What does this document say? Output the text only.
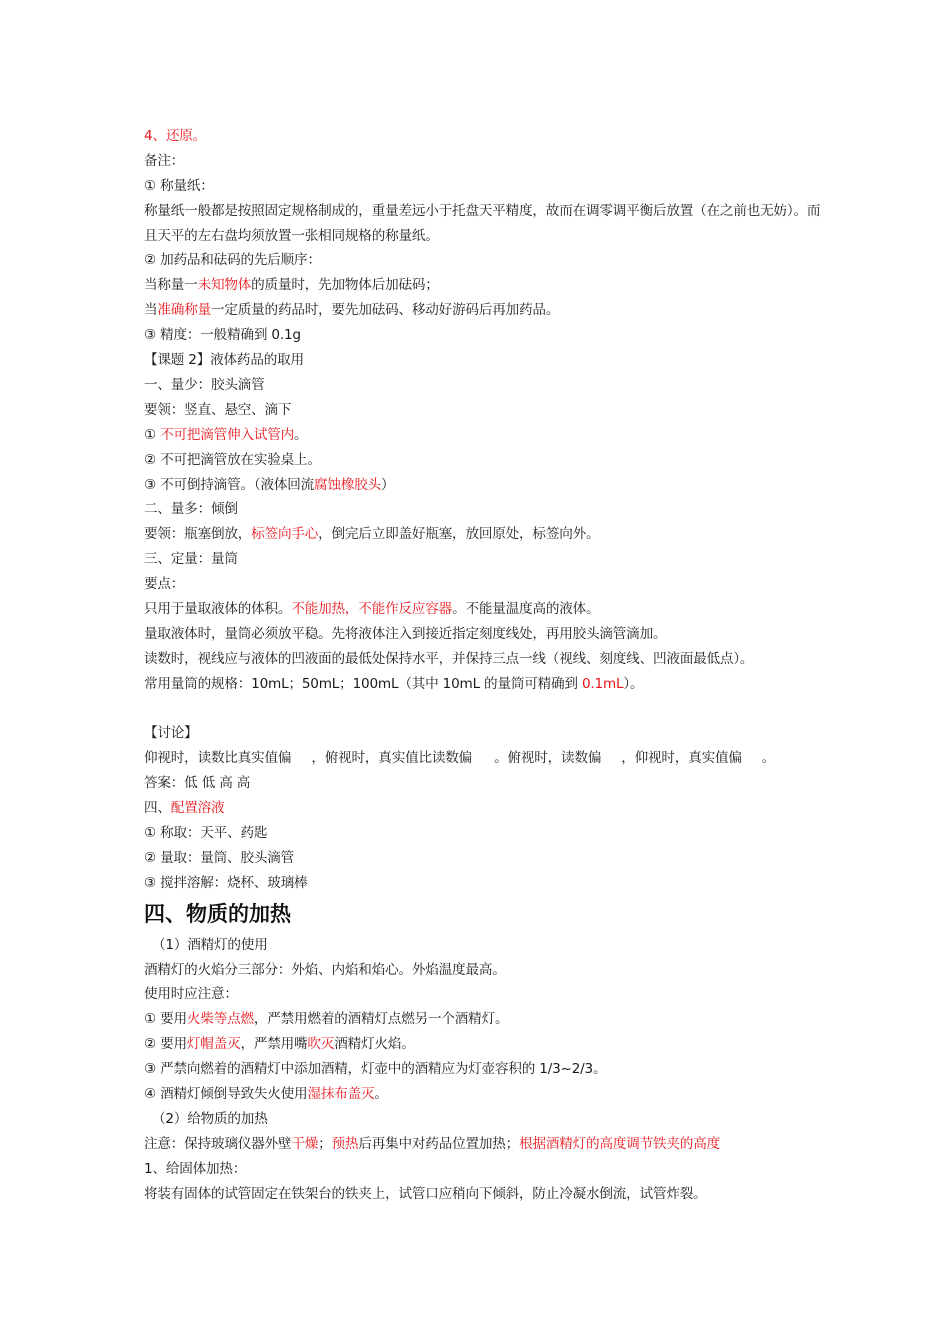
4、还原。
备注：
① 称量纸：
称量纸一般都是按照固定规格制成的，重量差远小于托盘天平精度，故而在调零调平衡后放置（在之前也无妨）。而且天平的左右盘均须放置一张相同规格的称量纸。
② 加药品和砝码的先后顺序：
当称量一未知物体的质量时，先加物体后加砝码；
当准确称量一定质量的药品时，要先加砝码、移动好游码后再加药品。
③ 精度：一般精确到 0.1g
【课题 2】液体药品的取用
一、量少：胶头滴管
要领：竖直、悬空、滴下
① 不可把滴管伸入试管内。
② 不可把滴管放在实验桌上。
③ 不可倒持滴管。（液体回流腐蚀橡胶头）
二、量多：倾倒
要领：瓶塞倒放，标签向手心，倒完后立即盖好瓶塞，放回原处，标签向外。
三、定量：量筒
要点：
只用于量取液体的体积。不能加热，不能作反应容器。不能量温度高的液体。
量取液体时，量筒必须放平稳。先将液体注入到接近指定刻度线处，再用胶头滴管滴加。
读数时，视线应与液体的凹液面的最低处保持水平，并保持三点一线（视线、刻度线、凹液面最低点）。
常用量筒的规格：10mL；50mL；100mL（其中 10mL 的量筒可精确到 0.1mL）。
【讨论】
仰视时，读数比真实值偏 ，俯视时，真实值比读数偏 。俯视时，读数偏 ，仰视时，真实值偏 。
答案：低 低 高 高
四、配置溶液
① 称取：天平、药匙
② 量取：量筒、胶头滴管
③ 搅拌溶解：烧杯、玻璃棒
四、物质的加热
（1）酒精灯的使用
酒精灯的火焰分三部分：外焰、内焰和焰心。外焰温度最高。
使用时应注意：
① 要用火柴等点燃，严禁用燃着的酒精灯点燃另一个酒精灯。
② 要用灯帽盖灭，严禁用嘴吹灭酒精灯火焰。
③ 严禁向燃着的酒精灯中添加酒精，灯壶中的酒精应为灯壶容积的 1/3~2/3。
④ 酒精灯倾倒导致失火使用湿抹布盖灭。
（2）给物质的加热
注意：保持玻璃仪器外壁干燥；预热后再集中对药品位置加热；根据酒精灯的高度调节铁夹的高度
1、给固体加热：
将装有固体的试管固定在铁架台的铁夹上，试管口应稍向下倾斜，防止冷凝水倒流，试管炸裂。
